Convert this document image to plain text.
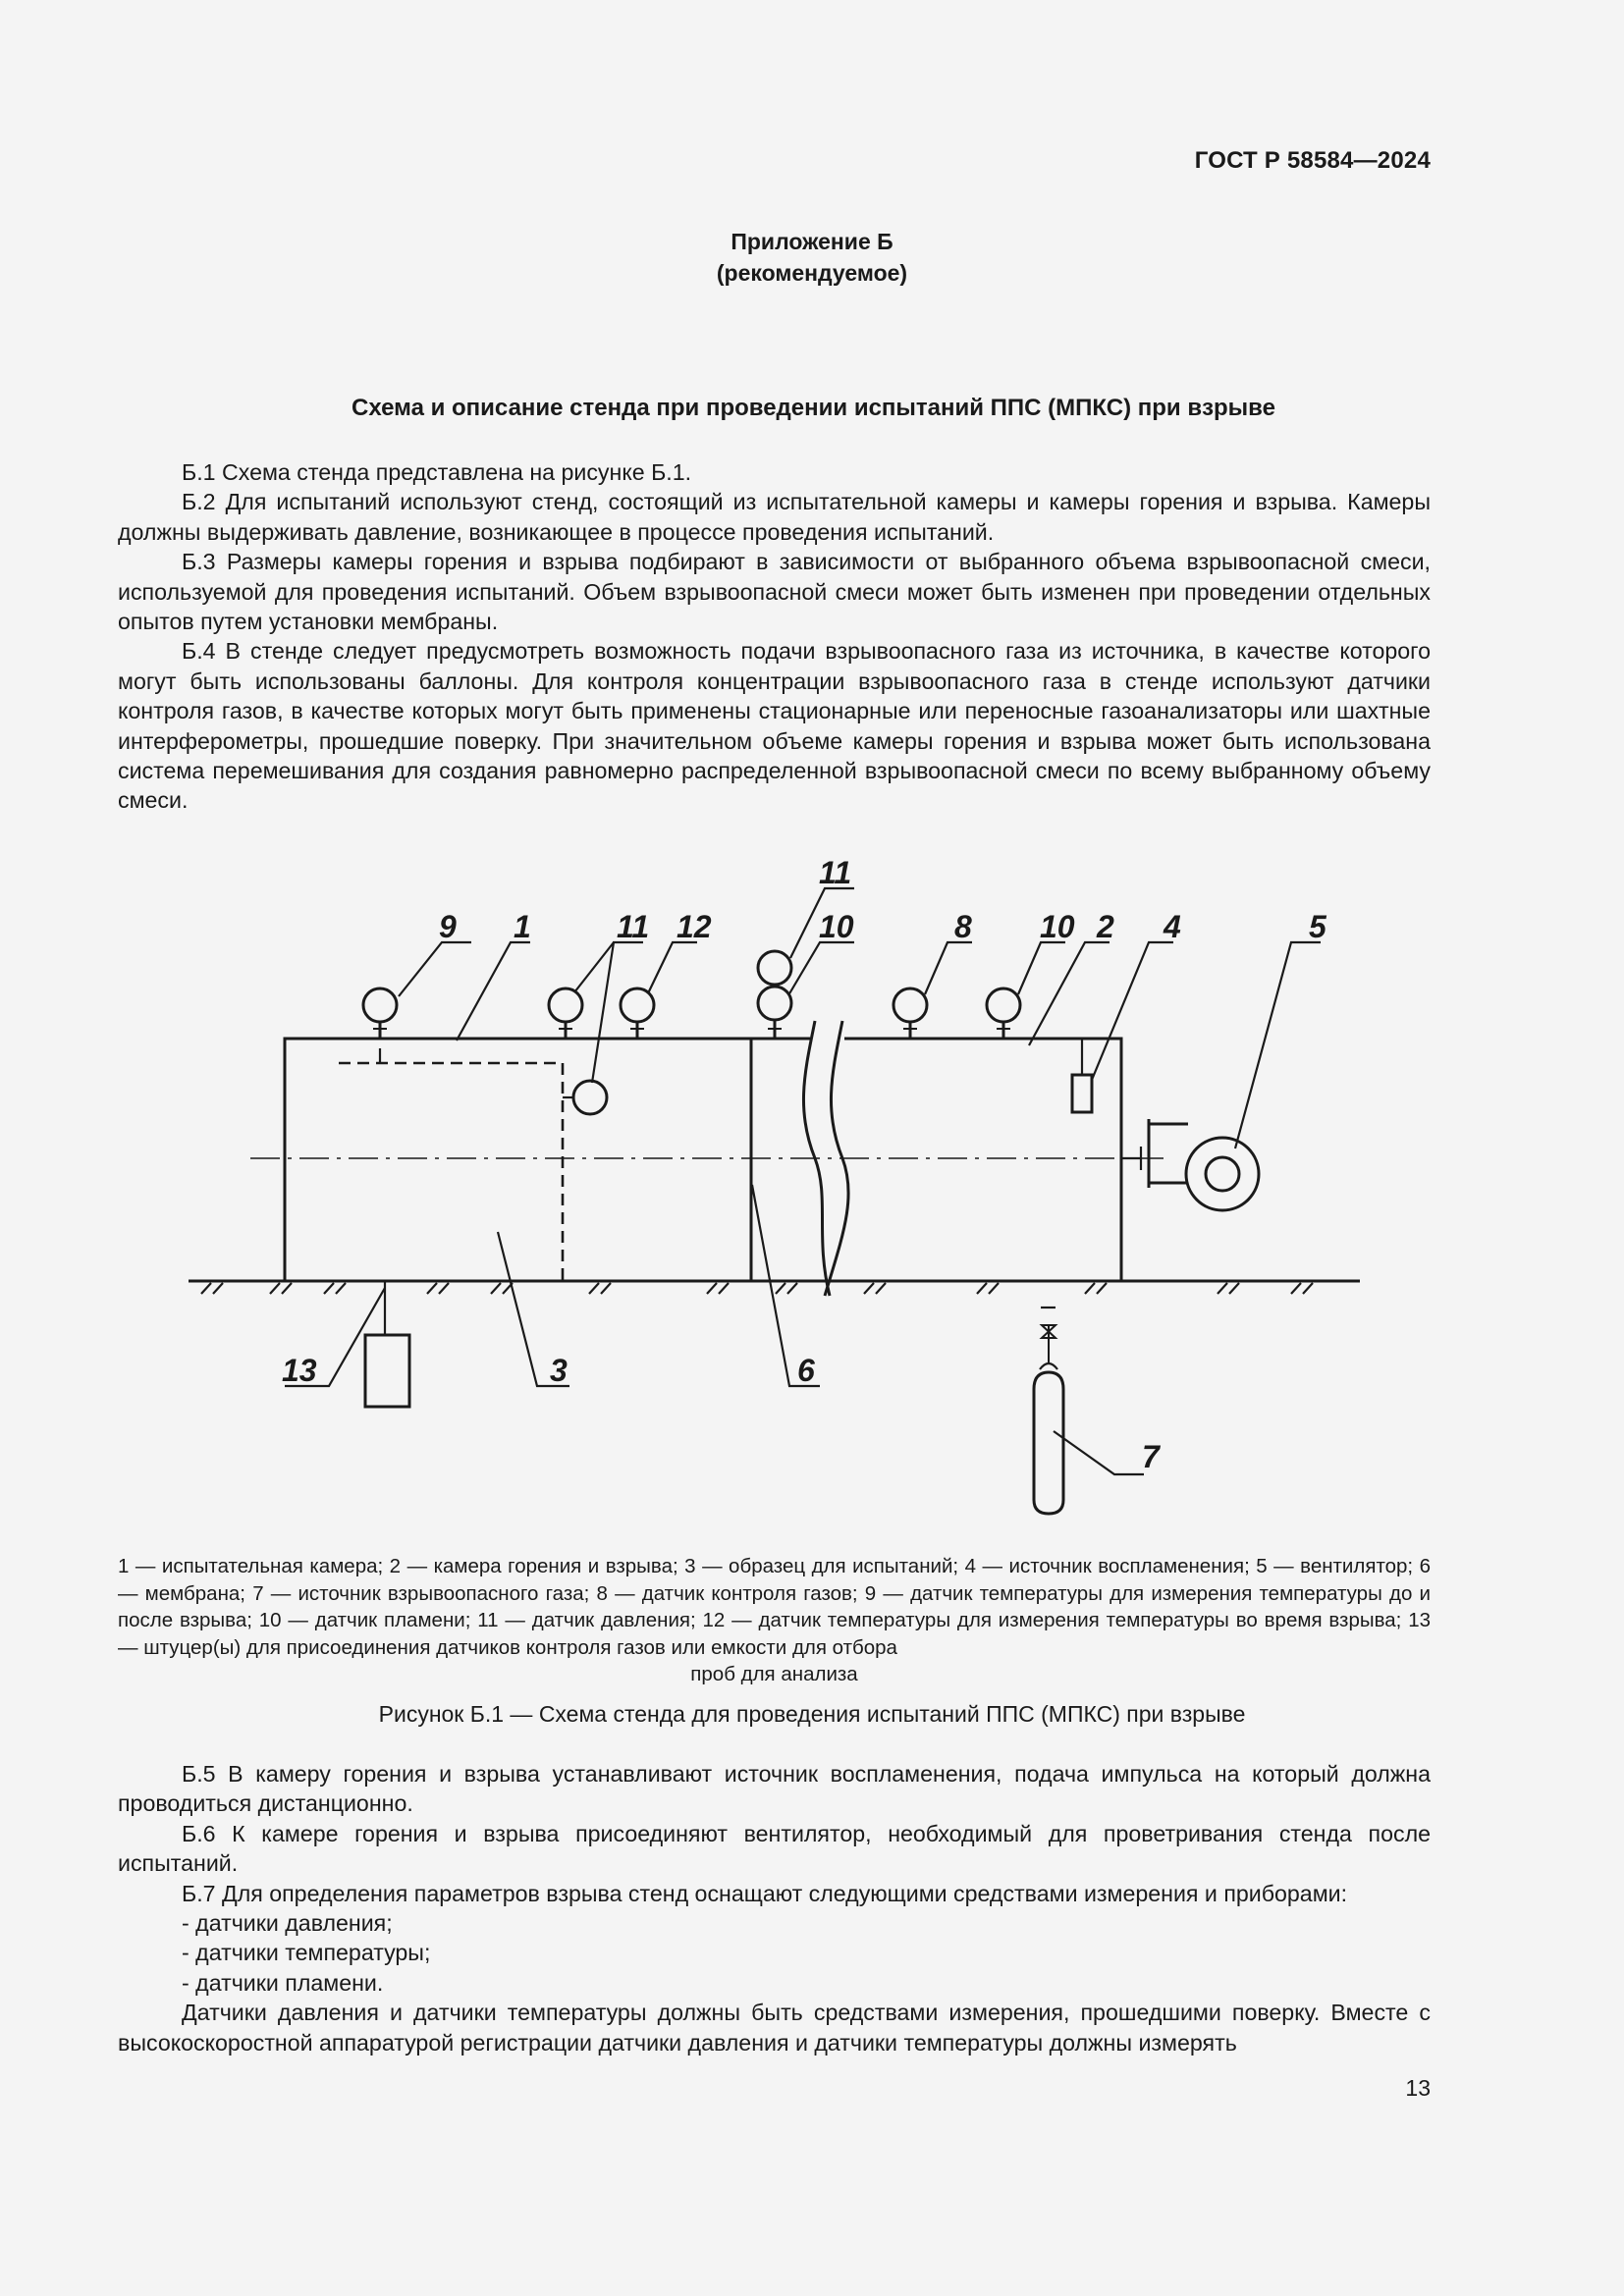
ГОСТ Р 58584—2024
Приложение Б
(рекомендуемое)
Схема и описание стенда при проведении испытаний ППС (МПКС) при взрыве

Б.1 Схема стенда представлена на рисунке Б.1.

Б.2 Для испытаний используют стенд, состоящий из испытательной камеры и камеры горения и взрыва. Камеры должны выдерживать давление, возникающее в процессе проведения испытаний.

Б.3 Размеры камеры горения и взрыва подбирают в зависимости от выбранного объема взрывоопасной смеси, используемой для проведения испытаний. Объем взрывоопасной смеси может быть изменен при проведении отдельных опытов путем установки мембраны.

Б.4 В стенде следует предусмотреть возможность подачи взрывоопасного газа из источника, в качестве которого могут быть использованы баллоны. Для контроля концентрации взрывоопасного газа в стенде используют датчики контроля газов, в качестве которых могут быть применены стационарные или переносные газоанализаторы или шахтные интерферометры, прошедшие поверку. При значительном объеме камеры горения и взрыва может быть использована система перемешивания для создания равномерно распределенной взрывоопасной смеси по всему выбранному объему смеси.

9 1	11 12
11
10	8 10 2 4	5
13	3	6
7
1 — испытательная камера; 2 — камера горения и взрыва; 3 — образец для испытаний; 4 — источник воспламенения; 5 — вентилятор; 6 — мембрана; 7 — источник взрывоопасного газа; 8 — датчик контроля газов; 9 — датчик температуры для измерения температуры до и после взрыва; 10 — датчик пламени; 11 — датчик давления; 12 — датчик температуры для измерения температуры во время взрыва; 13 — штуцер(ы) для присоединения датчиков контроля газов или емкости для отбора
проб для анализа
Рисунок Б.1 — Схема стенда для проведения испытаний ППС (МПКС) при взрыве

Б.5 В камеру горения и взрыва устанавливают источник воспламенения, подача импульса на который должна проводиться дистанционно.

Б.6 К камере горения и взрыва присоединяют вентилятор, необходимый для проветривания стенда после испытаний.

Б.7 Для определения параметров взрыва стенд оснащают следующими средствами измерения и приборами:

- датчики давления;

- датчики температуры;

- датчики пламени.

Датчики давления и датчики температуры должны быть средствами измерения, прошедшими поверку. Вместе с высокоскоростной аппаратурой регистрации датчики давления и датчики температуры должны измерять

13
